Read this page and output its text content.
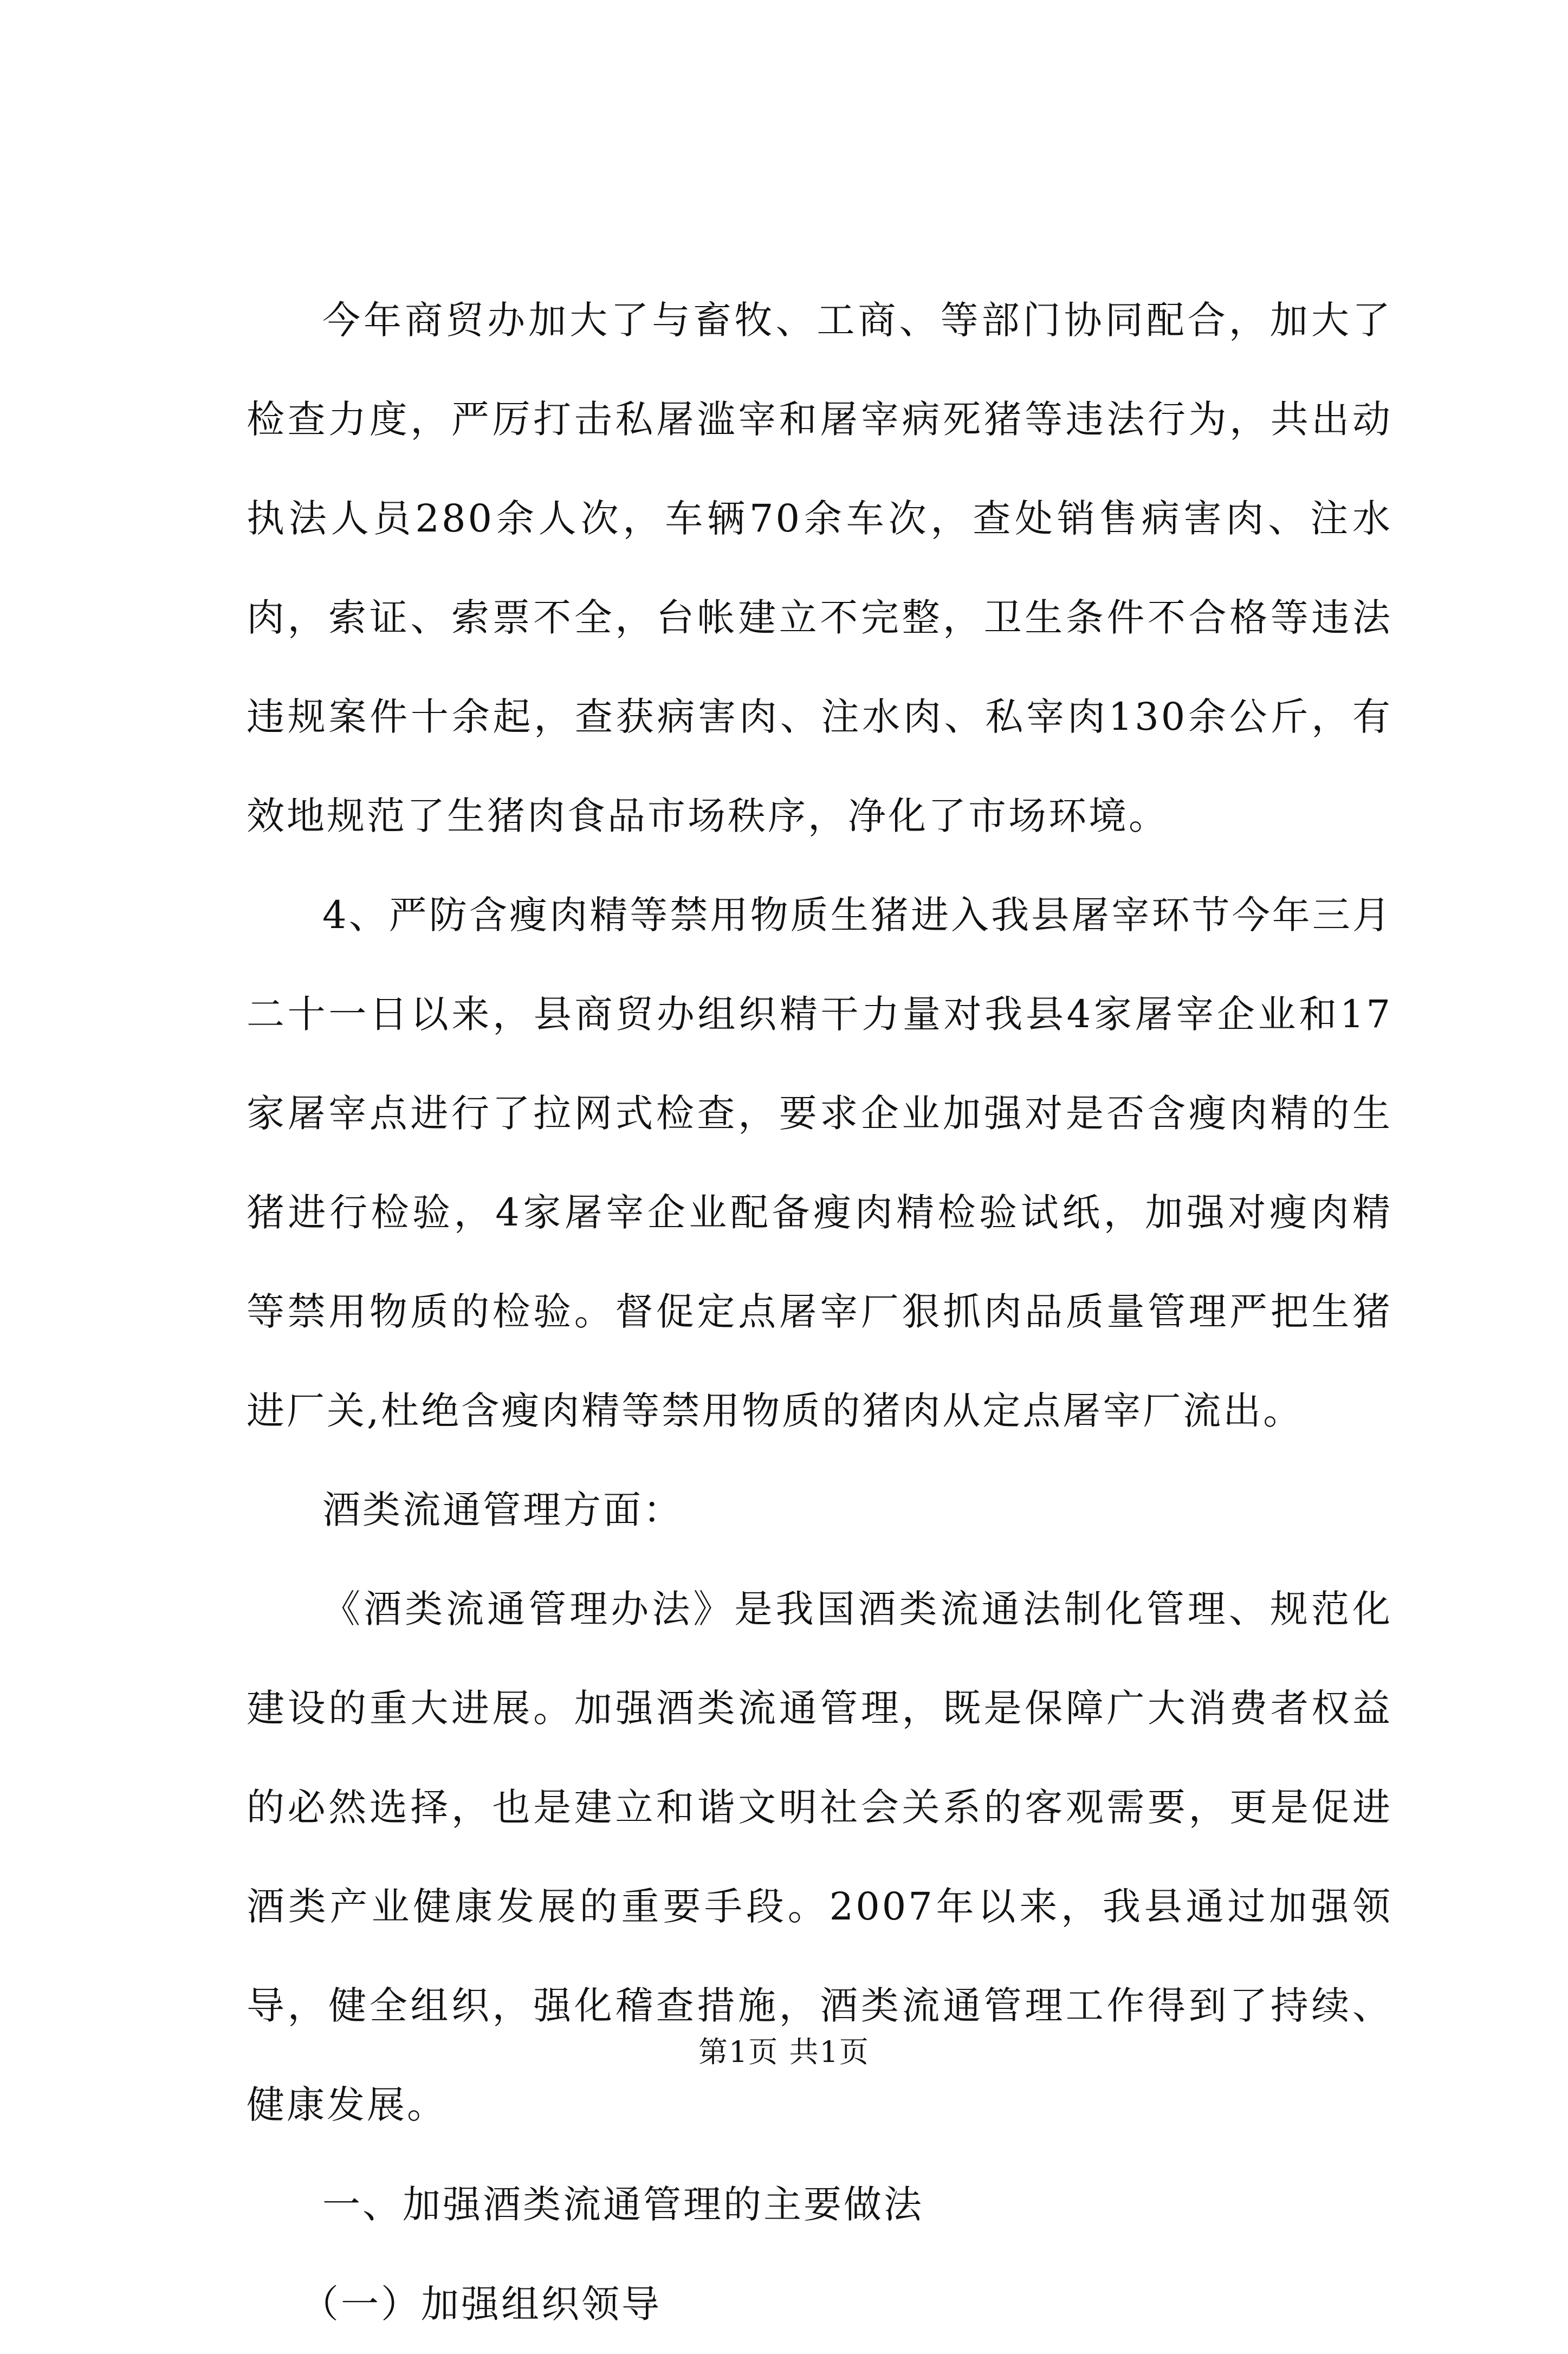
今年商贸办加大了与畜牧、工商、等部门协同配合，加大了检查力度，严厉打击私屠滥宰和屠宰病死猪等违法行为，共出动执法人员280余人次，车辆70余车次，查处销售病害肉、注水肉，索证、索票不全，台帐建立不完整，卫生条件不合格等违法违规案件十余起，查获病害肉、注水肉、私宰肉130余公斤，有效地规范了生猪肉食品市场秩序，净化了市场环境。

4、严防含瘦肉精等禁用物质生猪进入我县屠宰环节今年三月二十一日以来，县商贸办组织精干力量对我县4家屠宰企业和17家屠宰点进行了拉网式检查，要求企业加强对是否含瘦肉精的生猪进行检验，4家屠宰企业配备瘦肉精检验试纸，加强对瘦肉精等禁用物质的检验。督促定点屠宰厂狠抓肉品质量管理严把生猪进厂关,杜绝含瘦肉精等禁用物质的猪肉从定点屠宰厂流出。

酒类流通管理方面：

《酒类流通管理办法》是我国酒类流通法制化管理、规范化建设的重大进展。加强酒类流通管理，既是保障广大消费者权益的必然选择，也是建立和谐文明社会关系的客观需要，更是促进酒类产业健康发展的重要手段。2007年以来，我县通过加强领导，健全组织，强化稽查措施，酒类流通管理工作得到了持续、健康发展。

一、加强酒类流通管理的主要做法

（一）加强组织领导

第1页 共1页
